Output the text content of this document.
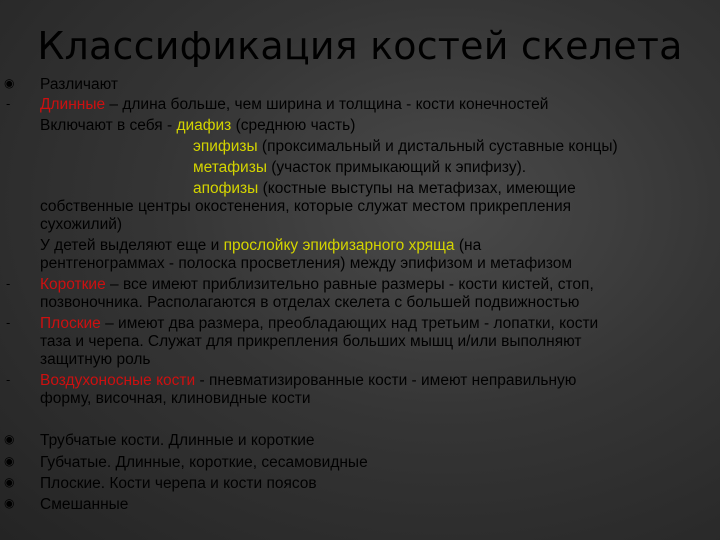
Классификация костей скелета
◉ Различают
- Длинные – длина больше, чем ширина и толщина - кости конечностей
Включают в себя - диафиз (среднюю часть)
эпифизы (проксимальный и дистальный суставные концы)
метафизы (участок примыкающий к эпифизу).
апофизы (костные выступы на метафизах, имеющие
собственные центры окостенения, которые служат местом прикрепления
сухожилий)
У детей выделяют еще и прослойку эпифизарного хряща (на
рентгенограммах - полоска просветления) между эпифизом и метафизом
- Короткие – все имеют приблизительно равные размеры - кости кистей, стоп,
позвоночника. Располагаются в отделах скелета с большей подвижностью
- Плоские – имеют два размера, преобладающих над третьим - лопатки, кости
таза и черепа. Служат для прикрепления больших мышц и/или выполняют
защитную роль
- Воздухоносные кости - пневматизированные кости - имеют неправильную
форму, височная, клиновидные кости
◉ Трубчатые кости. Длинные и короткие
◉ Губчатые. Длинные, короткие, сесамовидные
◉ Плоские. Кости черепа и кости поясов
◉ Смешанные
